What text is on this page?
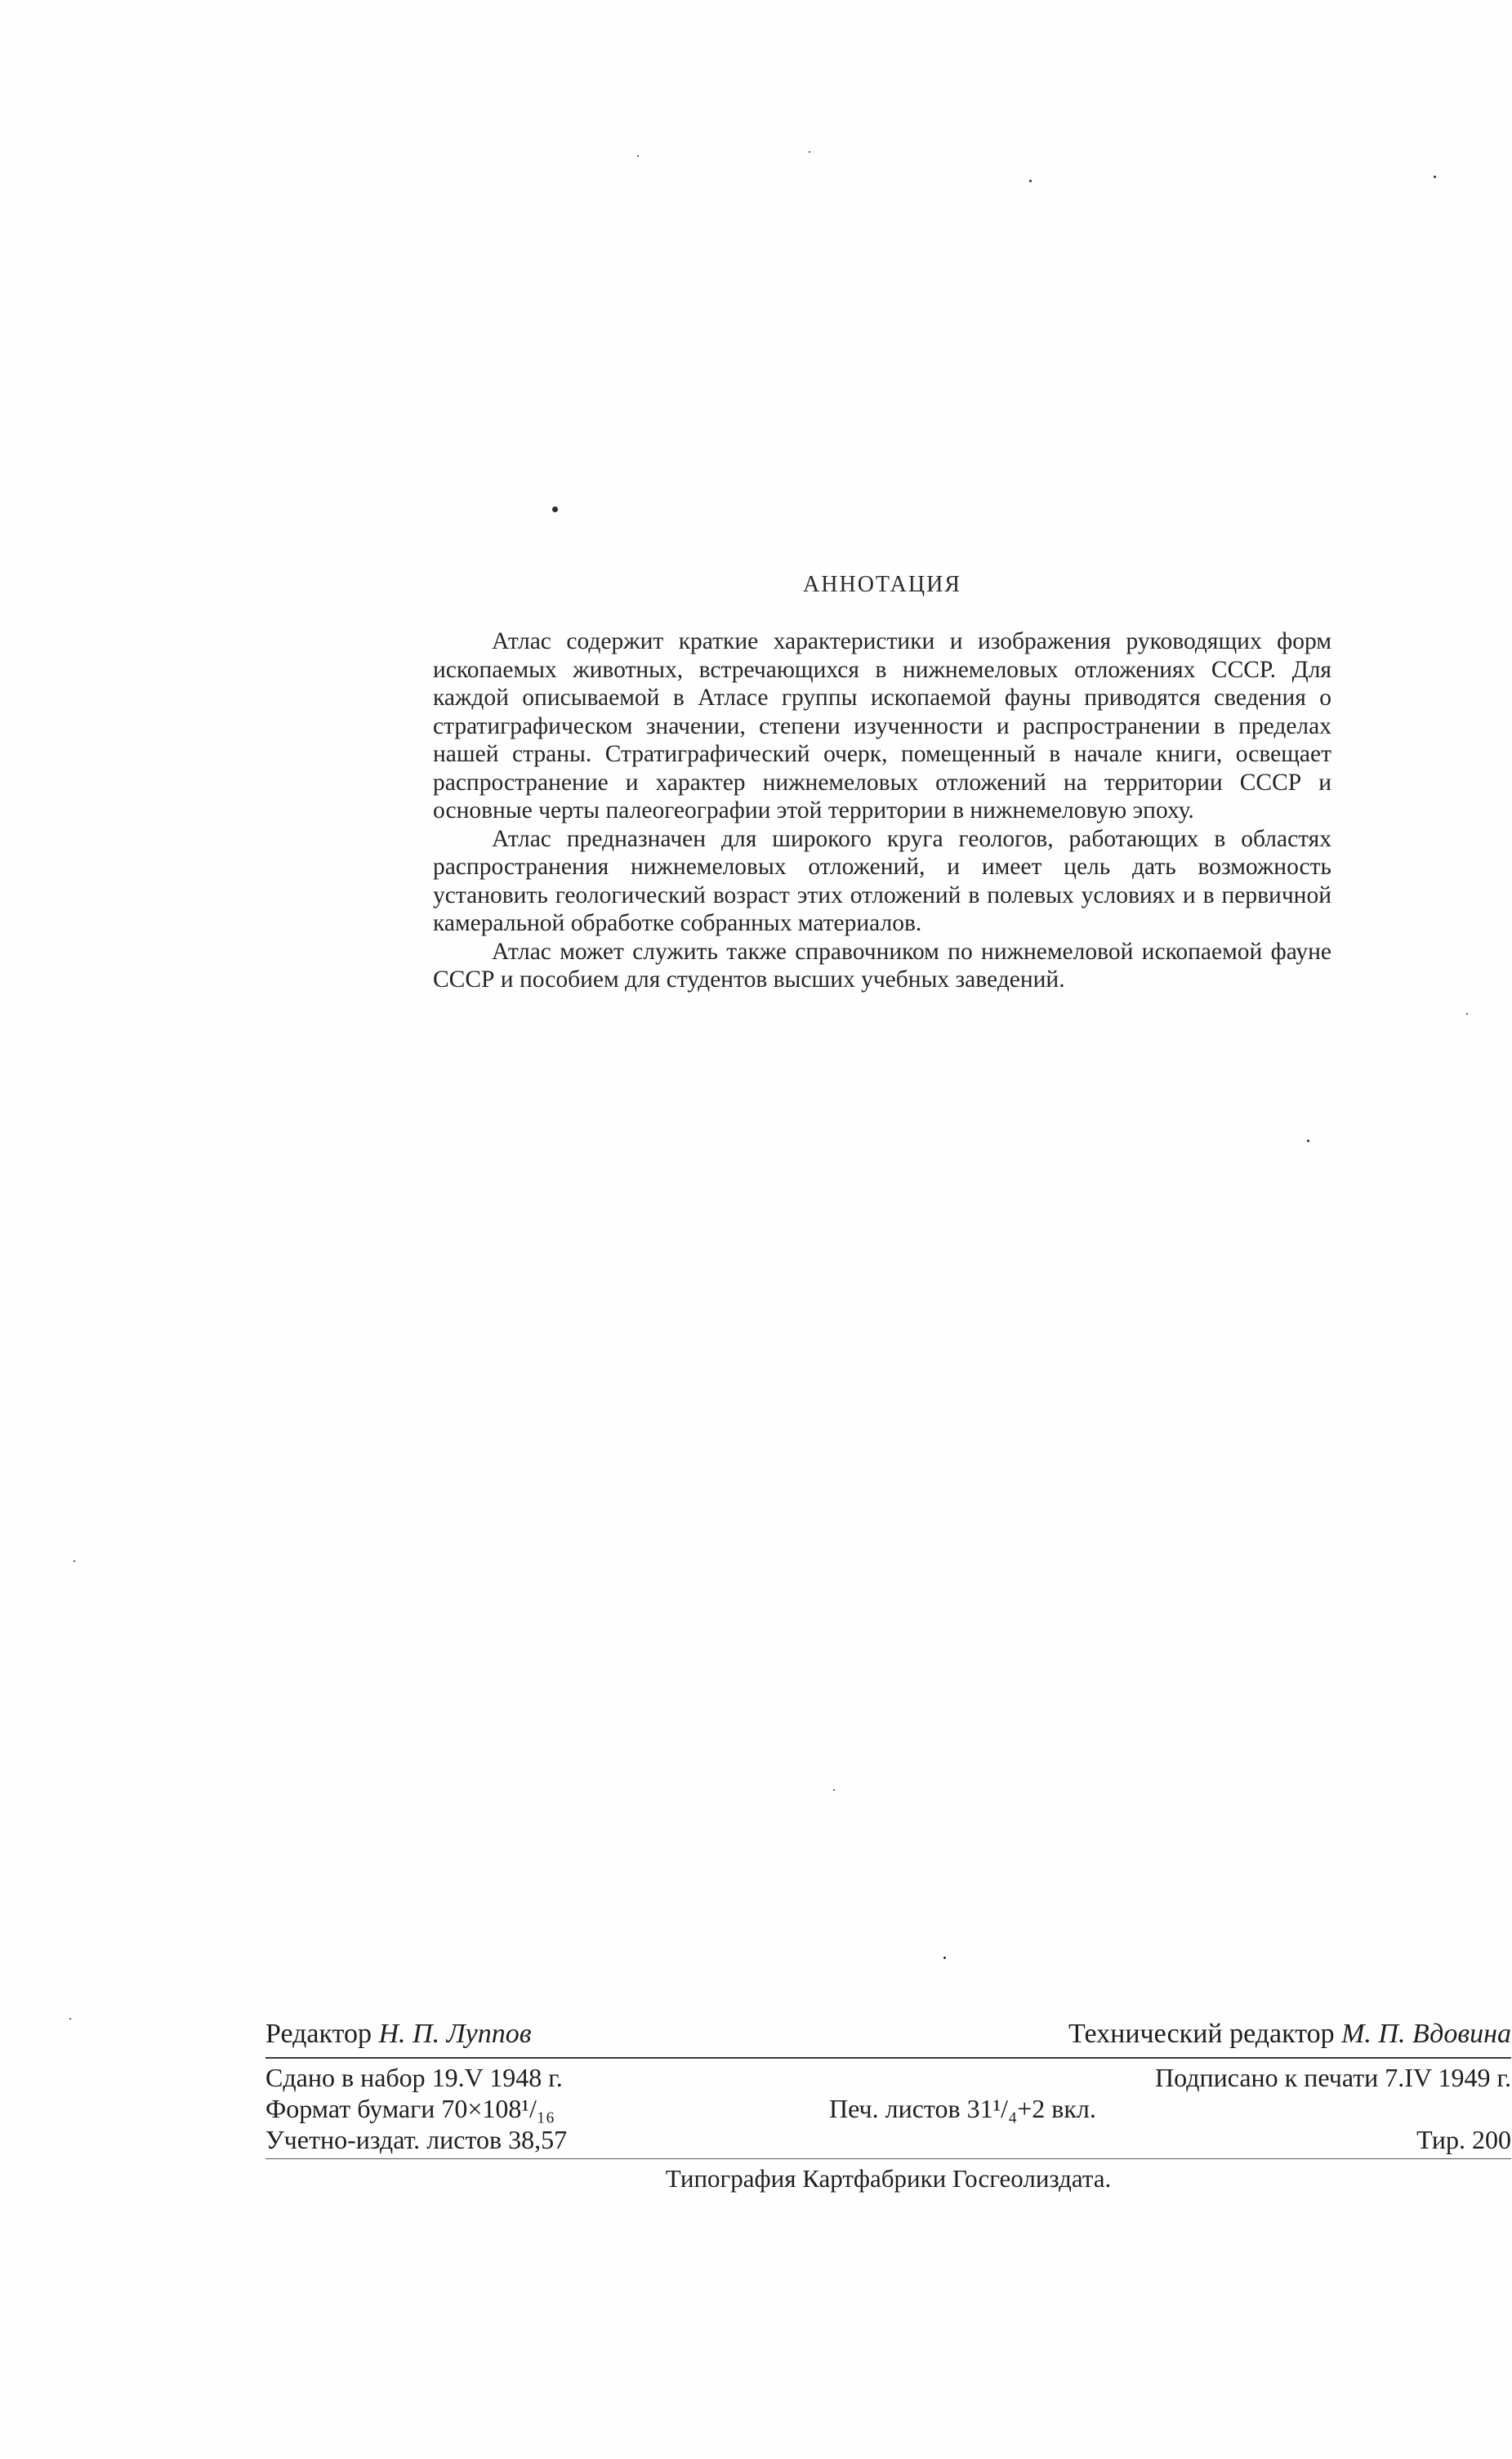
АННОТАЦИЯ

Атлас содержит краткие характеристики и изображения руководящих форм ископаемых животных, встречающихся в нижнемеловых отложениях СССР. Для каждой описываемой в Атласе группы ископаемой фауны приводятся сведения о стратиграфическом значении, степени изученности и распространении в пределах нашей страны. Стратиграфический очерк, помещенный в начале книги, освещает распространение и характер нижнемеловых отложений на территории СССР и основные черты палеогеографии этой территории в нижнемеловую эпоху.

Атлас предназначен для широкого круга геологов, работающих в областях распространения нижнемеловых отложений, и имеет цель дать возможность установить геологический возраст этих отложений в полевых условиях и в первичной камеральной обработке собранных материалов.

Атлас может служить также справочником по нижнемеловой ископаемой фауне СССР и пособием для студентов высших учебных заведений.

Редактор Н. П. Луппов	Технический редактор М. П. Вдовина
Сдано в набор 19.V 1948 г.	Подписано к печати 7.IV 1949 г.
Формат бумаги 70×108¹/₁₆	Печ. листов 31¹/₄+2 вкл.
Учетно-издат. листов 38,57	Тир. 200
Типография Картфабрики Госгеолиздата.
